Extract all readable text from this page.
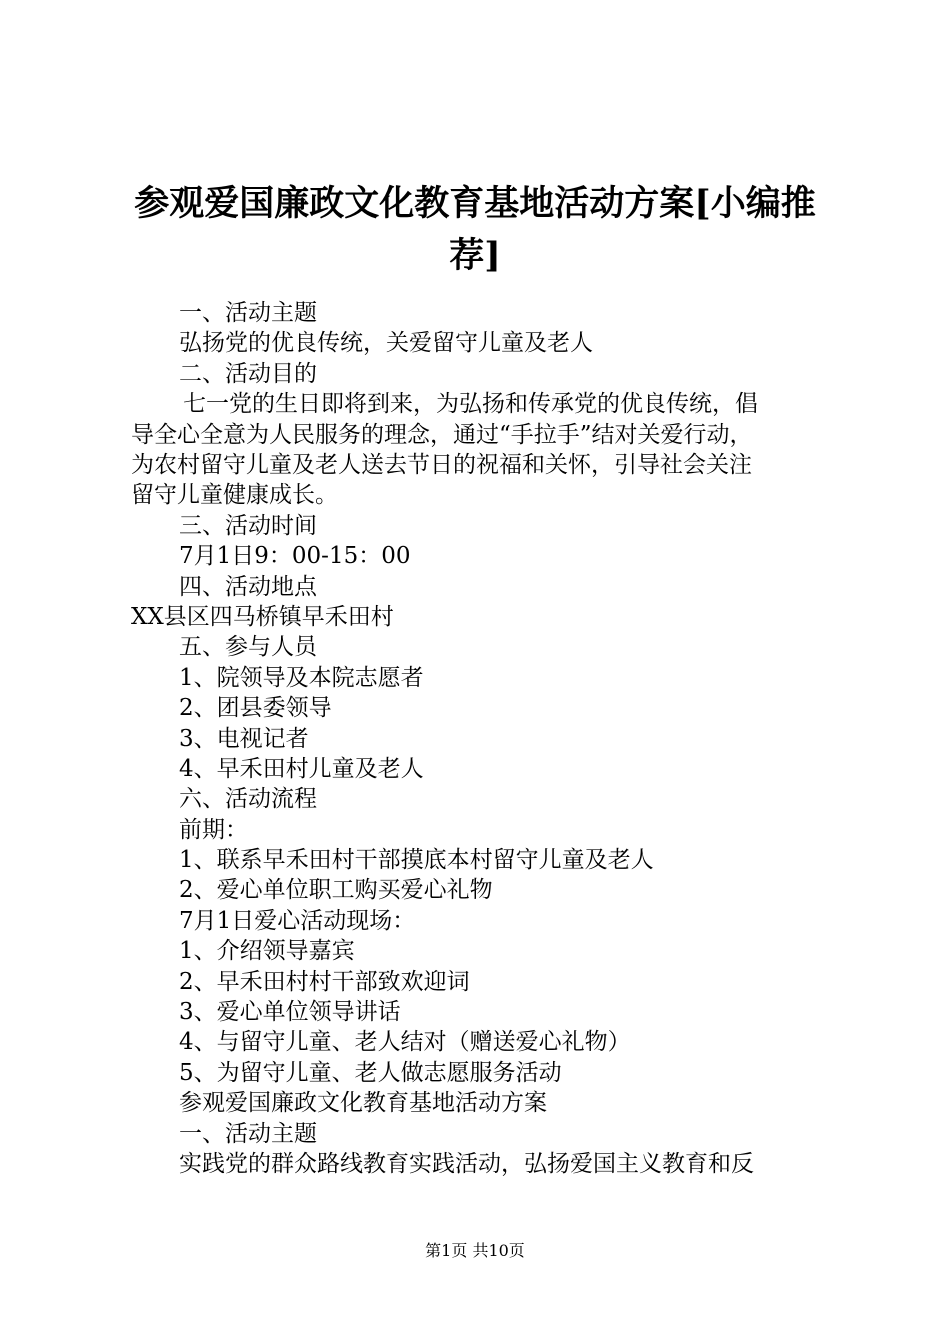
参观爱国廉政文化教育基地活动方案[小编推
荐]

一、活动主题

弘扬党的优良传统，关爱留守儿童及老人

二、活动目的

七一党的生日即将到来，为弘扬和传承党的优良传统，倡
导全心全意为人民服务的理念，通过“手拉手”结对关爱行动，
为农村留守儿童及老人送去节日的祝福和关怀，引导社会关注
留守儿童健康成长。

三、活动时间

7月1日9：00-15：00

四、活动地点

XX县区四马桥镇早禾田村

五、参与人员

1、院领导及本院志愿者

2、团县委领导

3、电视记者

4、早禾田村儿童及老人

六、活动流程

前期：

1、联系早禾田村干部摸底本村留守儿童及老人

2、爱心单位职工购买爱心礼物

7月1日爱心活动现场：

1、介绍领导嘉宾

2、早禾田村村干部致欢迎词

3、爱心单位领导讲话

4、与留守儿童、老人结对（赠送爱心礼物）

5、为留守儿童、老人做志愿服务活动

参观爱国廉政文化教育基地活动方案

一、活动主题

实践党的群众路线教育实践活动，弘扬爱国主义教育和反

第1页 共10页
